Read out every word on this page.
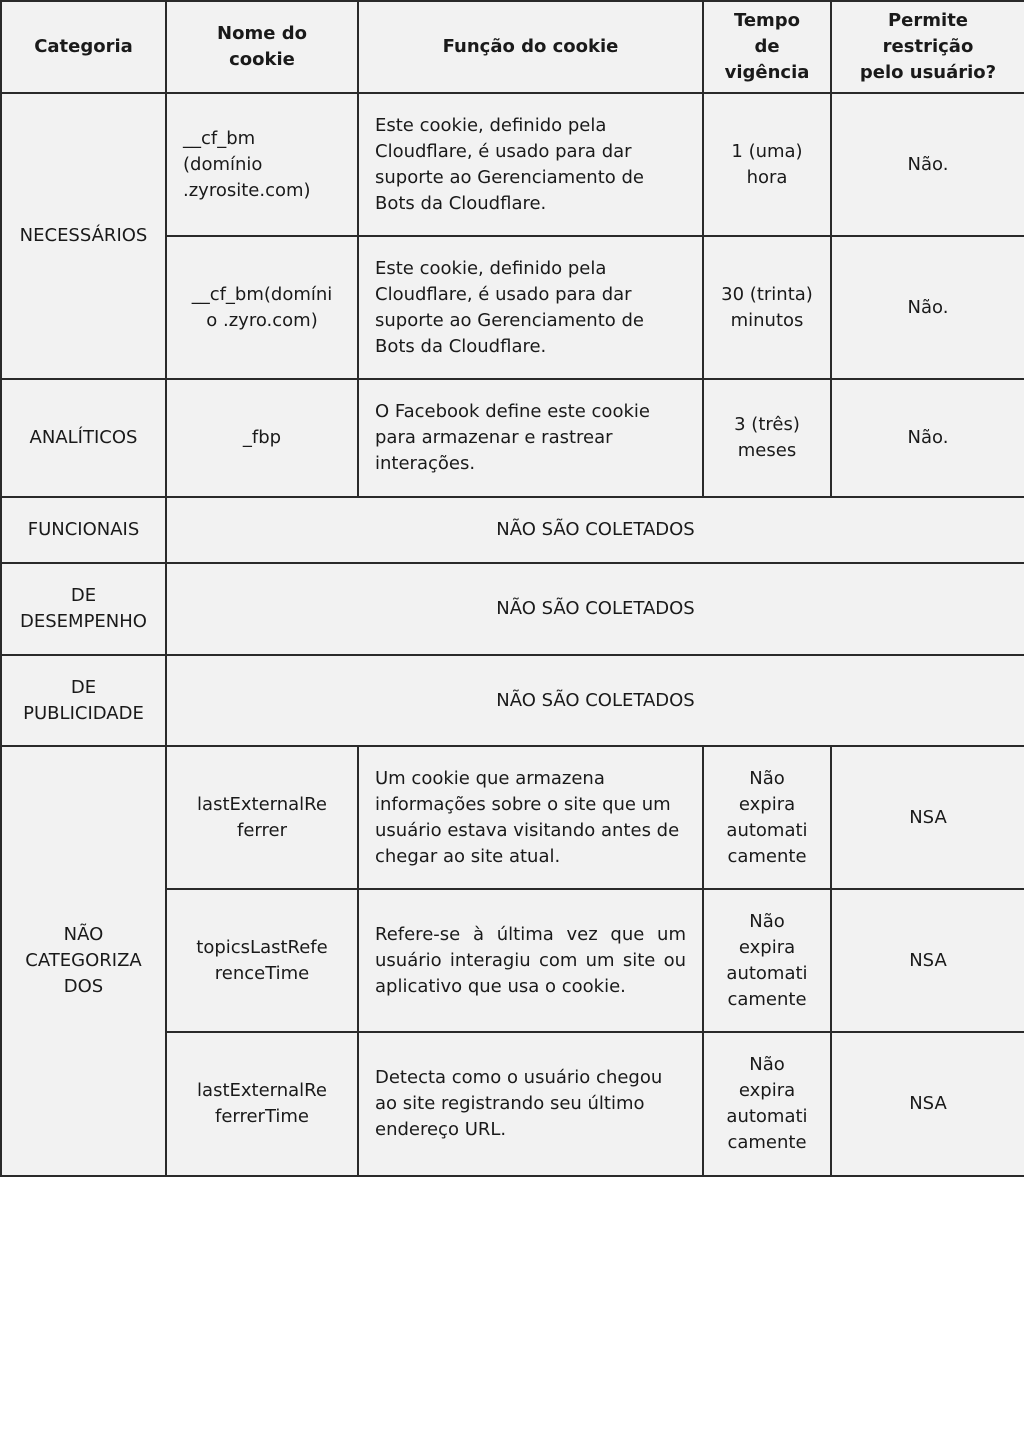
Categoria	Nome do cookie	Função do cookie	Tempo de
vigência	Permite restrição
pelo usuário?
NECESSÁRIOS	__cf_bm
(domínio
.zyrosite.com)	Este cookie, definido pela
Cloudflare, é usado para dar
suporte ao Gerenciamento de
Bots da Cloudflare.	1 (uma)
hora	Não.
	__cf_bm(domíni
o .zyro.com)	Este cookie, definido pela
Cloudflare, é usado para dar
suporte ao Gerenciamento de
Bots da Cloudflare.	30 (trinta)
minutos	Não.
ANALÍTICOS	_fbp	O Facebook define este cookie
para armazenar e rastrear
interações.	3 (três)
meses	Não.
FUNCIONAIS	NÃO SÃO COLETADOS			
DE
DESEMPENHO	NÃO SÃO COLETADOS			
DE
PUBLICIDADE	NÃO SÃO COLETADOS			
NÃO
CATEGORIZA
DOS	lastExternalRe
ferrer	Um cookie que armazena
informações sobre o site que um
usuário estava visitando antes de
chegar ao site atual.	Não
expira
automati
camente	NSA
	topicsLastRefe
renceTime	Refere-se à última vez que um usuário interagiu com um site ou aplicativo que usa o cookie.	Não
expira
automati
camente	NSA
	lastExternalRe
ferrerTime	Detecta como o usuário chegou
ao site registrando seu último
endereço URL.	Não
expira
automati
camente	NSA
